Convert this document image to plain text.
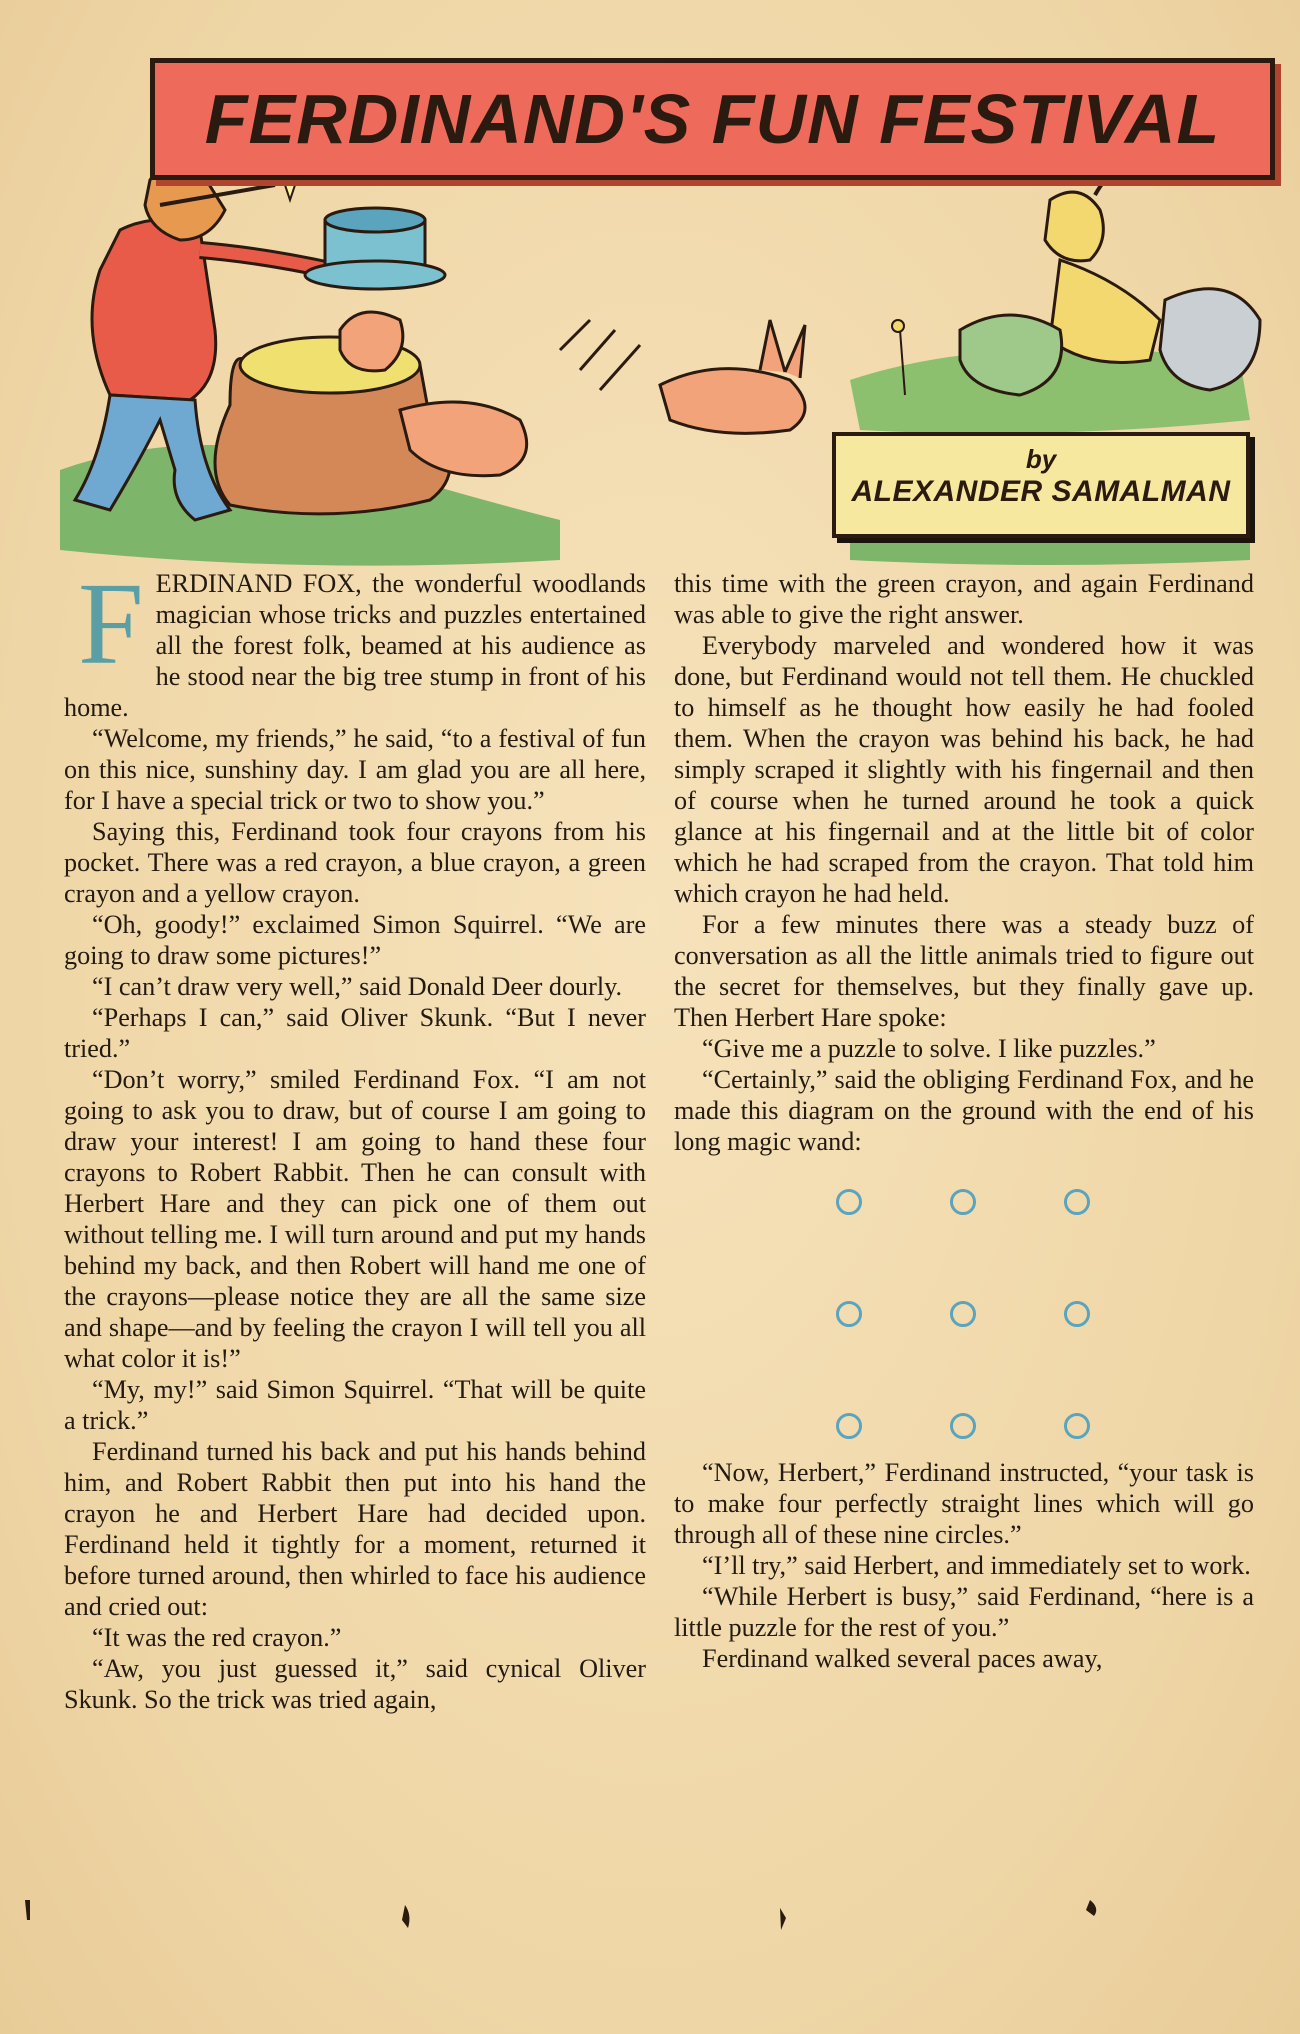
FERDINAND'S FUN FESTIVAL
by
ALEXANDER SAMALMAN

F ERDINAND FOX, the wonderful woodlands magician whose tricks and puzzles entertained all the forest folk, beamed at his audience as he stood near the big tree stump in front of his home.

“Welcome, my friends,” he said, “to a festival of fun on this nice, sunshiny day. I am glad you are all here, for I have a special trick or two to show you.”

Saying this, Ferdinand took four crayons from his pocket. There was a red crayon, a blue crayon, a green crayon and a yellow crayon.

“Oh, goody!” exclaimed Simon Squirrel. “We are going to draw some pictures!”

“I can’t draw very well,” said Donald Deer dourly.

“Perhaps I can,” said Oliver Skunk. “But I never tried.”

“Don’t worry,” smiled Ferdinand Fox. “I am not going to ask you to draw, but of course I am going to draw your interest! I am going to hand these four crayons to Robert Rabbit. Then he can consult with Herbert Hare and they can pick one of them out without telling me. I will turn around and put my hands behind my back, and then Robert will hand me one of the crayons—please notice they are all the same size and shape—and by feeling the crayon I will tell you all what color it is!”

“My, my!” said Simon Squirrel. “That will be quite a trick.”

Ferdinand turned his back and put his hands behind him, and Robert Rabbit then put into his hand the crayon he and Herbert Hare had decided upon. Ferdinand held it tightly for a moment, returned it before turned around, then whirled to face his audience and cried out:

“It was the red crayon.”

“Aw, you just guessed it,” said cynical Oliver Skunk. So the trick was tried again,

this time with the green crayon, and again Ferdinand was able to give the right answer.

Everybody marveled and wondered how it was done, but Ferdinand would not tell them. He chuckled to himself as he thought how easily he had fooled them. When the crayon was behind his back, he had simply scraped it slightly with his fingernail and then of course when he turned around he took a quick glance at his fingernail and at the little bit of color which he had scraped from the crayon. That told him which crayon he had held.

For a few minutes there was a steady buzz of conversation as all the little animals tried to figure out the secret for themselves, but they finally gave up. Then Herbert Hare spoke:

“Give me a puzzle to solve. I like puzzles.”

“Certainly,” said the obliging Ferdinand Fox, and he made this diagram on the ground with the end of his long magic wand:

“Now, Herbert,” Ferdinand instructed, “your task is to make four perfectly straight lines which will go through all of these nine circles.”

“I’ll try,” said Herbert, and immediately set to work.

“While Herbert is busy,” said Ferdinand, “here is a little puzzle for the rest of you.”

Ferdinand walked several paces away,
